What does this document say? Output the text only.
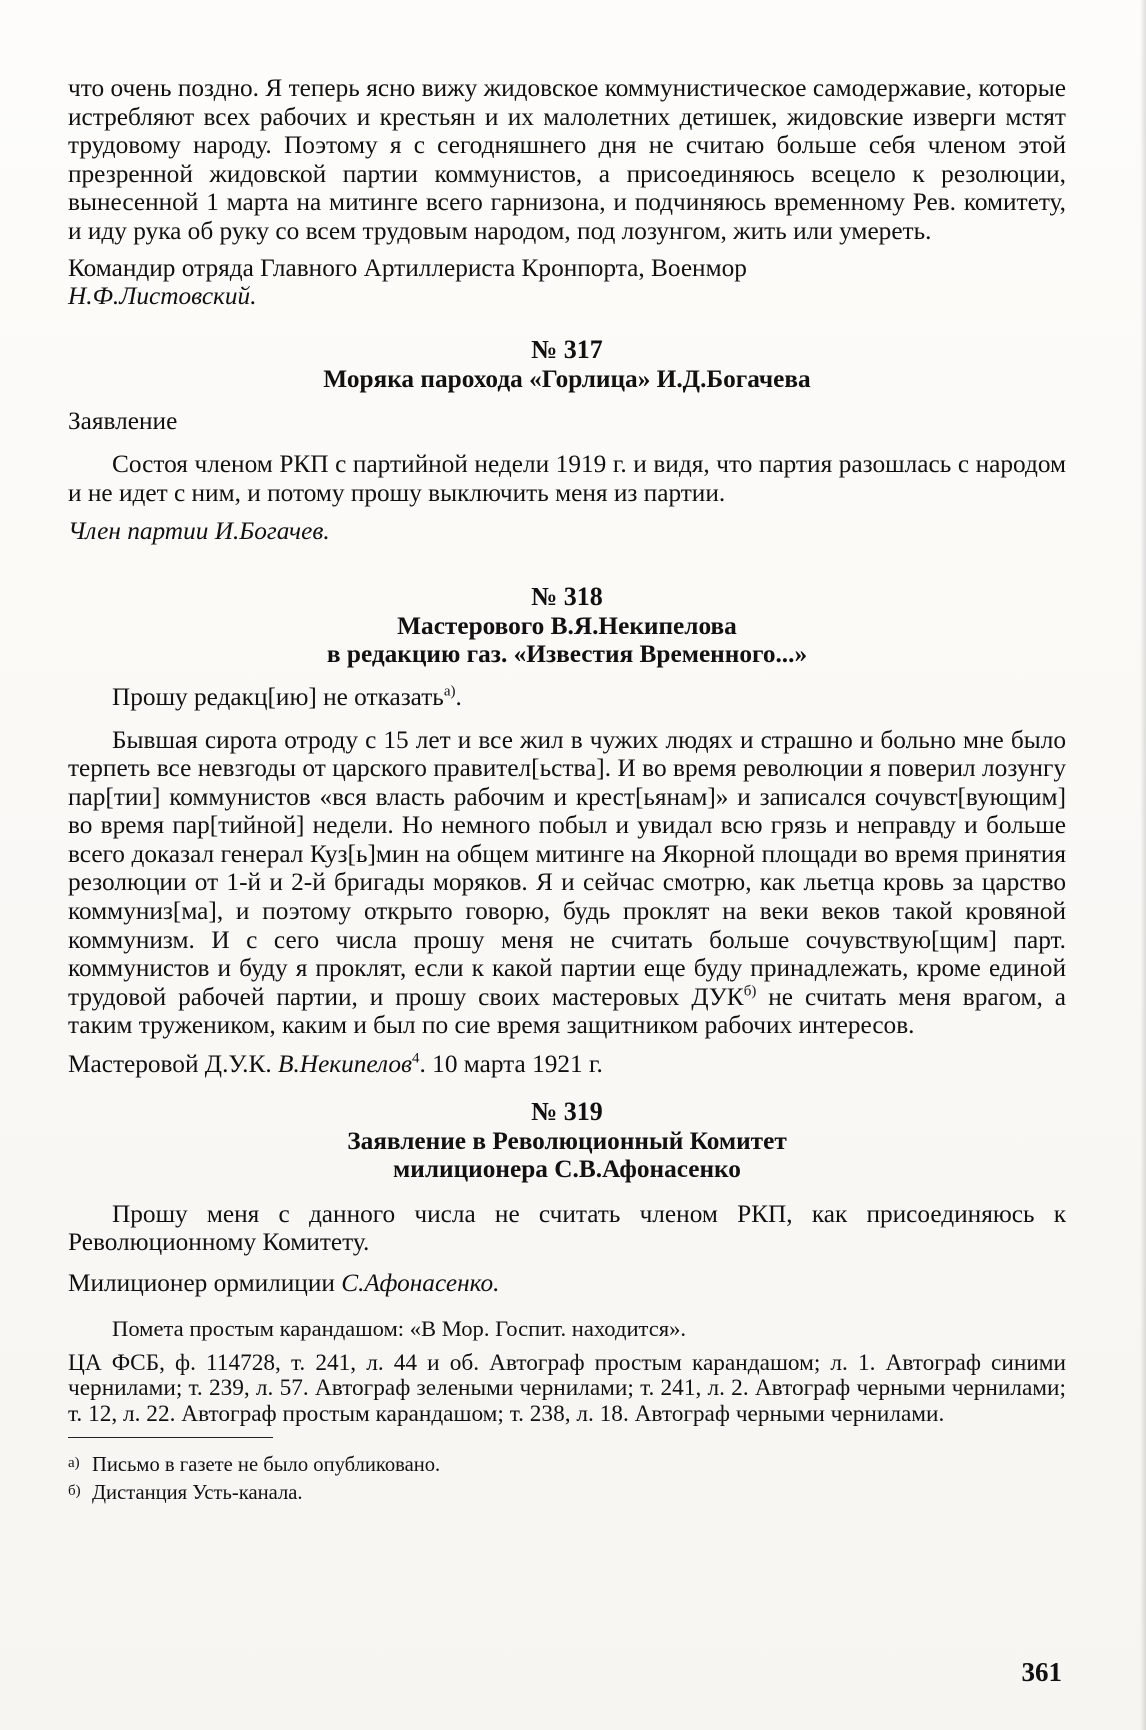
что очень поздно. Я теперь ясно вижу жидовское коммунистическое самодержавие, которые истребляют всех рабочих и крестьян и их малолетних детишек, жидовские изверги мстят трудовому народу. Поэтому я с сегодняшнего дня не считаю больше себя членом этой презренной жидовской партии коммунистов, а присоединяюсь всецело к резолюции, вынесенной 1 марта на митинге всего гарнизона, и подчиняюсь временному Рев. комитету, и иду рука об руку со всем трудовым народом, под лозунгом, жить или умереть.

Командир отряда Главного Артиллериста Кронпорта, Военмор

Н.Ф.Листовский.

№ 317

Моряка парохода «Горлица» И.Д.Богачева

Заявление

Состоя членом РКП с партийной недели 1919 г. и видя, что партия разошлась с народом и не идет с ним, и потому прошу выключить меня из партии.

Член партии И.Богачев.

№ 318

Мастерового В.Я.Некипелова

в редакцию газ. «Известия Временного...»

Прошу редакц[ию] не отказать$^{а)}$.

Бывшая сирота отроду с 15 лет и все жил в чужих людях и страшно и больно мне было терпеть все невзгоды от царского правител[ьства]. И во время революции я поверил лозунгу пар[тии] коммунистов «вся власть рабочим и крест[ьянам]» и записался сочувст[вующим] во время пар[тийной] недели. Но немного побыл и увидал всю грязь и неправду и больше всего доказал генерал Куз[ь]мин на общем митинге на Якорной площади во время принятия резолюции от 1-й и 2-й бригады моряков. Я и сейчас смотрю, как льетца кровь за царство коммуниз[ма], и поэтому открыто говорю, будь проклят на веки веков такой кровяной коммунизм. И с сего числа прошу меня не считать больше сочувствую[щим] парт. коммунистов и буду я проклят, если к какой партии еще буду принадлежать, кроме единой трудовой рабочей партии, и прошу своих мастеровых $ДУК^{б)}$ не считать меня врагом, а таким тружеником, каким и был по сие время защитником рабочих интересов.

Мастеровой Д.У.К. В.Некипелов$^4$. 10 марта 1921 г.

№ 319

Заявление в Революционный Комитет

милиционера С.В.Афонасенко

Прошу меня с данного числа не считать членом РКП, как присоединяюсь к Революционному Комитету.

Милиционер ормилиции С.Афонасенко.

Помета простым карандашом: «В Мор. Госпит. находится».

ЦА ФСБ, ф. 114728, т. 241, л. 44 и об. Автограф простым карандашом; л. 1. Автограф синими чернилами; т. 239, л. 57. Автограф зелеными чернилами; т. 241, л. 2. Автограф черными чернилами; т. 12, л. 22. Автограф простым карандашом; т. 238, л. 18. Автограф черными чернилами.

а) Письмо в газете не было опубликовано.

б) Дистанция Усть-канала.

361
